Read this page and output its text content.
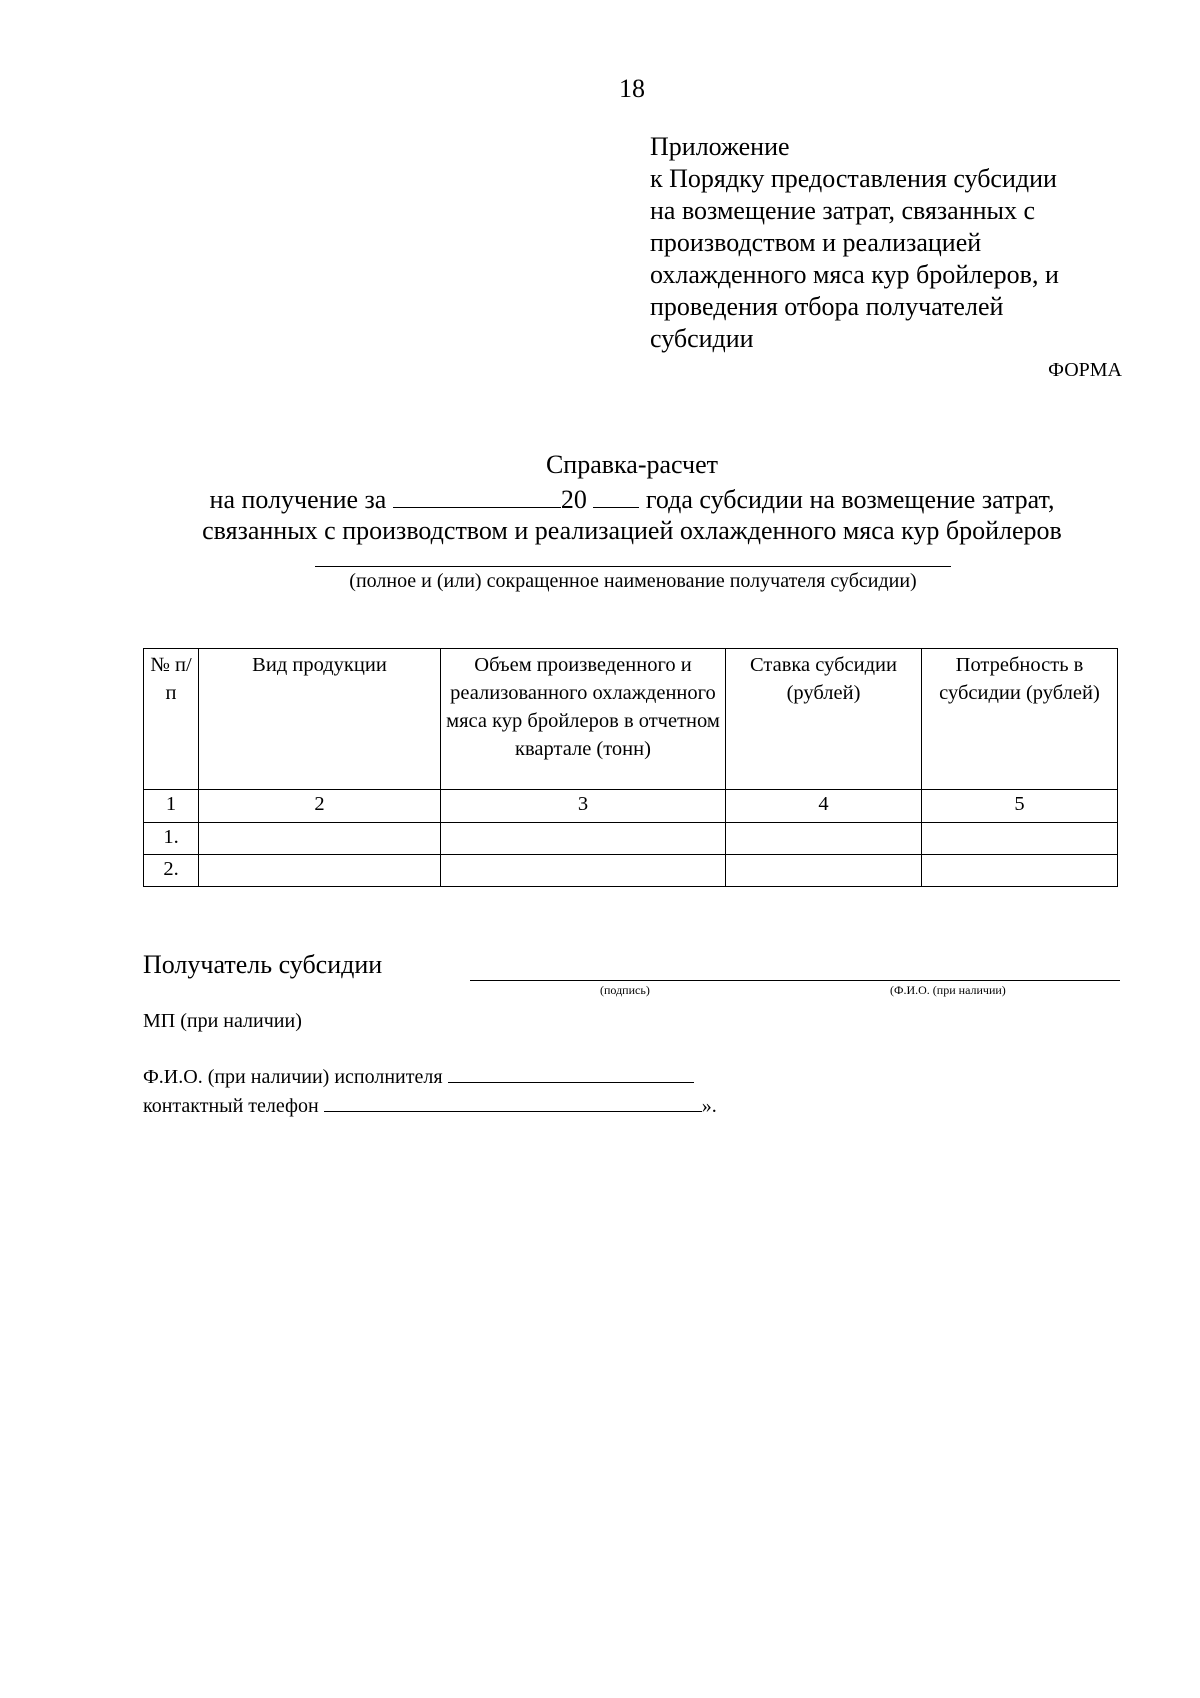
18
Приложение
к Порядку предоставления субсидии
на возмещение затрат, связанных с
производством и реализацией
охлажденного мяса кур бройлеров, и
проведения отбора получателей
субсидии
ФОРМА
Справка-расчет
на получение за	20 года субсидии на возмещение затрат,
связанных с производством и реализацией охлажденного мяса кур бройлеров
(полное и (или) сокращенное наименование получателя субсидии)
№ п/п	Вид продукции	Объем произведенного и реализованного охлажденного мяса кур бройлеров в отчетном квартале (тонн)	Ставка субсидии (рублей)	Потребность в субсидии (рублей)
1	2	3	4	5
1.				
2.				
Получатель субсидии
(подпись)	(Ф.И.О. (при наличии)
МП (при наличии)
Ф.И.О. (при наличии) исполнителя
контактный телефон	».
